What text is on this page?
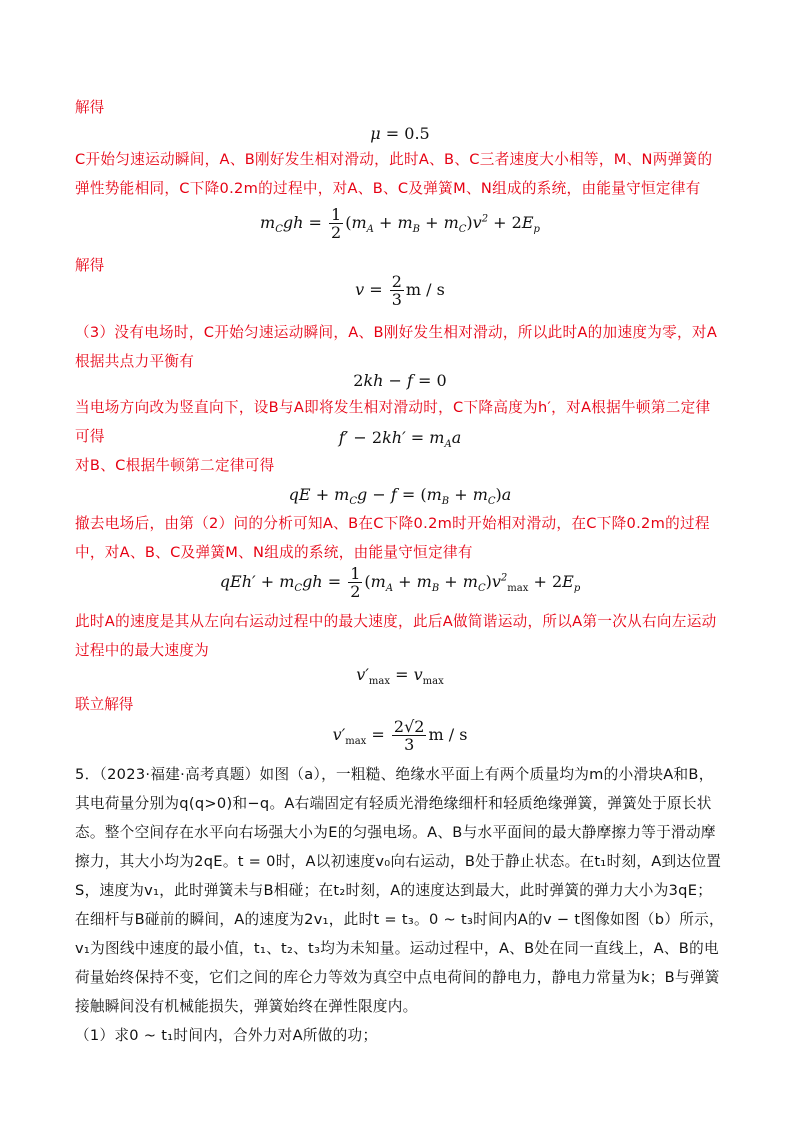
解得

μ = 0.5

C开始匀速运动瞬间，A、B刚好发生相对滑动，此时A、B、C三者速度大小相等，M、N两弹簧的弹性势能相同，C下降0.2m的过程中，对A、B、C及弹簧M、N组成的系统，由能量守恒定律有

$m_Cgh = \frac{1}{2} (m_A + m_B + m_C)v^2 + 2E_p$

解得

$v = \frac{2}{3}$ m / s

（3）没有电场时，C开始匀速运动瞬间，A、B刚好发生相对滑动，所以此时A的加速度为零，对A根据共点力平衡有

2kh − f = 0

当电场方向改为竖直向下，设B与A即将发生相对滑动时，C下降高度为h′，对A根据牛顿第二定律可得	$f' - 2kh' = m_Aa$

对B、C根据牛顿第二定律可得

qE + $m_Cg - f = (m_B + m_C)a$

撤去电场后，由第（2）问的分析可知A、B在C下降0.2m时开始相对滑动，在C下降0.2m的过程中，对A、B、C及弹簧M、N组成的系统，由能量守恒定律有

$qEh' + m_Cgh = \frac{1}{2} (m_A + m_B + m_C)v^2_{max} + 2E_p$

此时A的速度是其从左向右运动过程中的最大速度，此后A做简谐运动，所以A第一次从右向左运动过程中的最大速度为

$v'_{max} = v_{max}$

联立解得

$v'_{max} = \frac{2√2}{3}$ m / s

5．（2023·福建·高考真题）如图（a），一粗糙、绝缘水平面上有两个质量均为m的小滑块A和B，其电荷量分别为q(q>0)和−q。A右端固定有轻质光滑绝缘细杆和轻质绝缘弹簧，弹簧处于原长状态。整个空间存在水平向右场强大小为E的匀强电场。A、B与水平面间的最大静摩擦力等于滑动摩擦力，其大小均为2qE。t = 0时，A以初速度v₀向右运动，B处于静止状态。在t₁时刻，A到达位置S，速度为v₁，此时弹簧未与B相碰；在t₂时刻，A的速度达到最大，此时弹簧的弹力大小为3qE；在细杆与B碰前的瞬间，A的速度为2v₁，此时t = t₃。0 ~ t₃时间内A的v − t图像如图（b）所示，v₁为图线中速度的最小值，t₁、t₂、t₃均为未知量。运动过程中，A、B处在同一直线上，A、B的电荷量始终保持不变，它们之间的库仑力等效为真空中点电荷间的静电力，静电力常量为k；B与弹簧接触瞬间没有机械能损失，弹簧始终在弹性限度内。

（1）求0 ~ t₁时间内，合外力对A所做的功；
